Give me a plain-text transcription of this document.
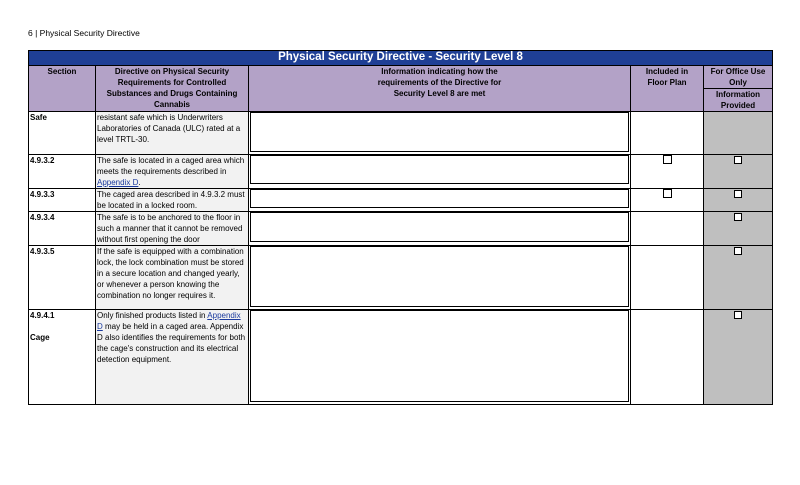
6 | Physical Security Directive
Physical Security Directive - Security Level 8				
Section	Directive on Physical Security Requirements for Controlled Substances and Drugs Containing Cannabis	Information indicating how the requirements of the Directive for Security Level 8 are met	Included in Floor Plan	For Office Use Only
				Information Provided
Safe	resistant safe which is Underwriters Laboratories of Canada (ULC) rated at a level TRTL-30.	

4.9.3.2	The safe is located in a caged area which meets the requirements described in Appendix D.	

4.9.3.3	The caged area described in 4.9.3.2 must be located in a locked room.	

4.9.3.4	The safe is to be anchored to the floor in such a manner that it cannot be removed without first opening the door	

4.9.3.5	If the safe is equipped with a combination lock, the lock combination must be stored in a secure location and changed yearly, or whenever a person knowing the combination no longer requires it.	

4.9.4.1
Cage	Only finished products listed in Appendix D may be held in a caged area. Appendix D also identifies the requirements for both the cage's construction and its electrical detection equipment.	
